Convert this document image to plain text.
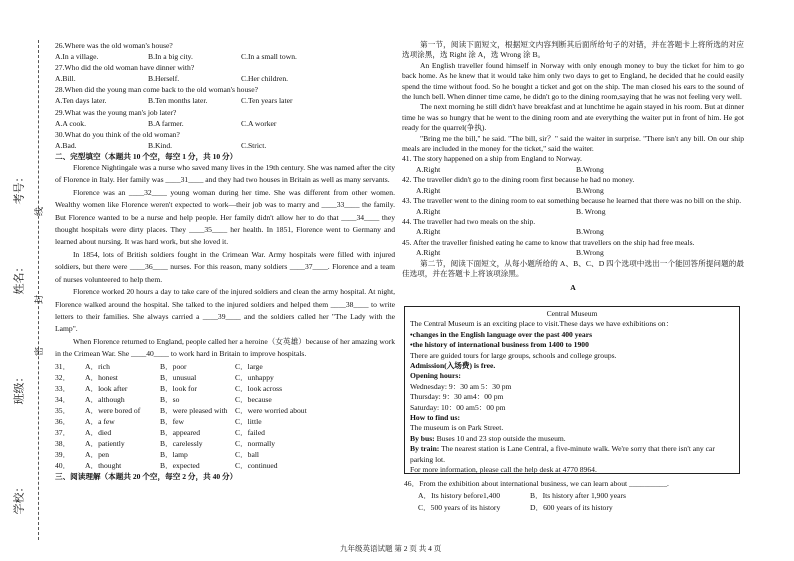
考号：
姓名：
班级：
学校：
线
封
密
26.Where was the old woman's house?
A.In a village.	B.In a big city.	C.In a small town.
27.Who did the old woman have dinner with?
A.Bill.	B.Herself.	C.Her children.
28.When did the young man come back to the old woman's house?
A.Ten days later.	B.Ten months later.	C.Ten years later
29.What was the young man's job later?
A.A cook.	B.A farmer.	C.A worker
30.What do you think of the old woman?
A.Bad.	B.Kind.	C.Strict.
二、完型填空（本题共 10 个空，每空 1 分，共 10 分）

Florence Nightingale was a nurse who saved many lives in the 19th century. She was named after the city of Florence in Italy. Her family was ____31____ and they had two houses in Britain as well as many servants.

Florence was an ____32____ young woman during her time. She was different from other women. Wealthy women like Florence weren't expected to work—their job was to marry and ____33____ the family. But Florence wanted to be a nurse and help people. Her family didn't allow her to do that ____34____ they thought hospitals were dirty places. They ____35____ her health. In 1851, Florence went to Germany and learned about nursing. It was hard work, but she loved it.

In 1854, lots of British soldiers fought in the Crimean War. Army hospitals were filled with injured soldiers, but there were ____36____ nurses. For this reason, many soldiers ____37____. Florence and a team of nurses volunteered to help them.

Florence worked 20 hours a day to take care of the injured soldiers and clean the army hospital. At night, Florence walked around the hospital. She talked to the injured soldiers and helped them ____38____ to write letters to their families. She always carried a ____39____ and the soldiers called her "The Lady with the Lamp".

When Florence returned to England, people called her a heroine（女英雄）because of her amazing work in the Crimean War. She ____40____ to work hard in Britain to improve hospitals.

31．	A．rich	B．poor	C．large
32．	A．honest	B．unusual	C．unhappy
33．	A．look after	B．look for	C．look across
34．	A．although	B．so	C．because
35．	A．were bored of	B．were pleased with C．were worried about
36．	A．a few	B．few	C．little
37．	A．died	B．appeared	C．failed
38．	A．patiently	B．carelessly	C．normally
39．	A．pen	B．lamp	C．ball
40．	A．thought	B．expected	C．continued
三、阅读理解（本题共 20 个空，每空 2 分，共 40 分）

第一节，阅读下面短文，根据短文内容判断其后面所给句子的对错，并在答题卡上将所选的对应选项涂黑，选 Right 涂 A，选 Wrong 涂 B。

An English traveller found himself in Norway with only enough money to buy the ticket for him to go back home. As he knew that it would take him only two days to get to England, he decided that he could easily spend the time without food. So he bought a ticket and got on the ship. The man closed his ears to the sound of the lunch bell. When dinner time came, he didn't go to the dining room,saying that he was not feeling very well.

The next morning he still didn't have breakfast and at lunchtime he again stayed in his room. But at dinner time he was so hungry that he went to the dining room and ate everything the waiter put in front of him. He got ready for the quarrel(争执).

"Bring me the bill," he said. "The bill, sir？" said the waiter in surprise. "There isn't any bill. On our ship meals are included in the money for the ticket," said the waiter.

41. The story happened on a ship from England to Norway.
A.Right	B.Wrong
42. The traveller didn't go to the dining room first because he had no money.
A.Right	B.Wrong
43. The traveller went to the dining room to eat something because he learned that there was no bill on the ship.
A.Right	B. Wrong
44. The traveller had two meals on the ship.
A.Right	B.Wrong
45. After the traveller finished eating he came to know that travellers on the ship had free meals.
A.Right	B.Wrong

第二节，阅读下面短文，从每小题所给的 A、B、C、D 四个选项中选出一个能回答所提问题的最佳选项，并在答题卡上将该项涂黑。

A
Central Museum
The Central Museum is an exciting place to visit.These days we have exhibitions on：
•changes in the English language over the past 400 years
•the history of international business from 1400 to 1900
There are guided tours for large groups, schools and college groups.
Admission(入场费) is free.
Opening hours:
Wednesday: 9：30 am 5：30 pm
Thursday: 9：30 am4：00 pm
Saturday: 10：00 am5：00 pm
How to find us:
The museum is on Park Street.
By bus: Buses 10 and 23 stop outside the museum.
By train: The nearest station is Lane Central, a five-minute walk. We're sorry that there isn't any car parking lot.
For more information, please call the help desk at 4770 8964.
46．From the exhibition about international business, we can learn about __________.
A．Its history before1,400	B．Its history after 1,900 years
C．500 years of its history	D．600 years of its history
九年级英语试题 第 2 页 共 4 页
